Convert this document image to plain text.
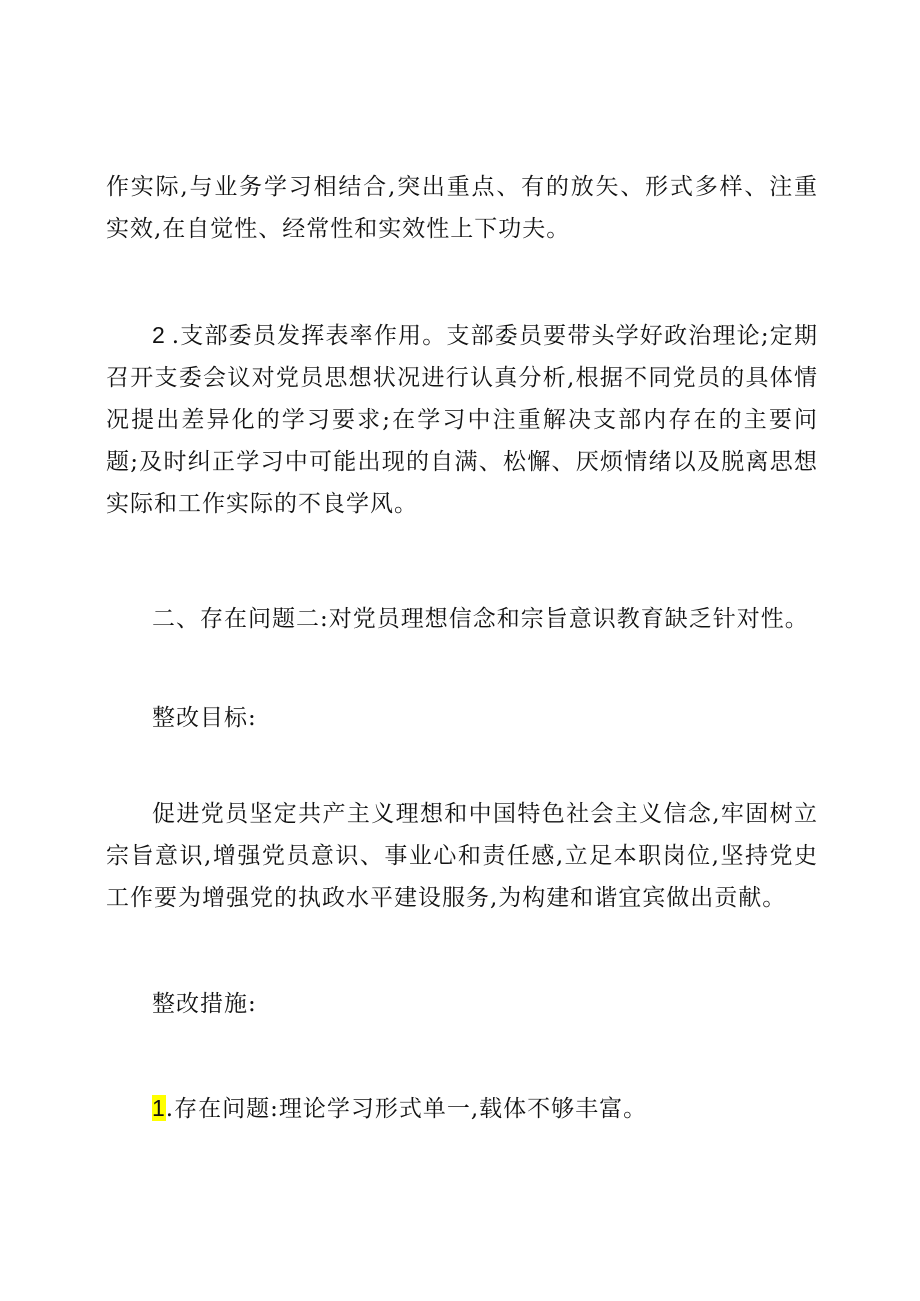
作实际,与业务学习相结合,突出重点、有的放矢、形式多样、注重实效,在自觉性、经常性和实效性上下功夫。

2 .支部委员发挥表率作用。支部委员要带头学好政治理论;定期召开支委会议对党员思想状况进行认真分析,根据不同党员的具体情况提出差异化的学习要求;在学习中注重解决支部内存在的主要问题;及时纠正学习中可能出现的自满、松懈、厌烦情绪以及脱离思想实际和工作实际的不良学风。

二、存在问题二:对党员理想信念和宗旨意识教育缺乏针对性。

整改目标:

促进党员坚定共产主义理想和中国特色社会主义信念,牢固树立宗旨意识,增强党员意识、事业心和责任感,立足本职岗位,坚持党史工作要为增强党的执政水平建设服务,为构建和谐宜宾做出贡献。

整改措施:

1.存在问题:理论学习形式单一,载体不够丰富。
